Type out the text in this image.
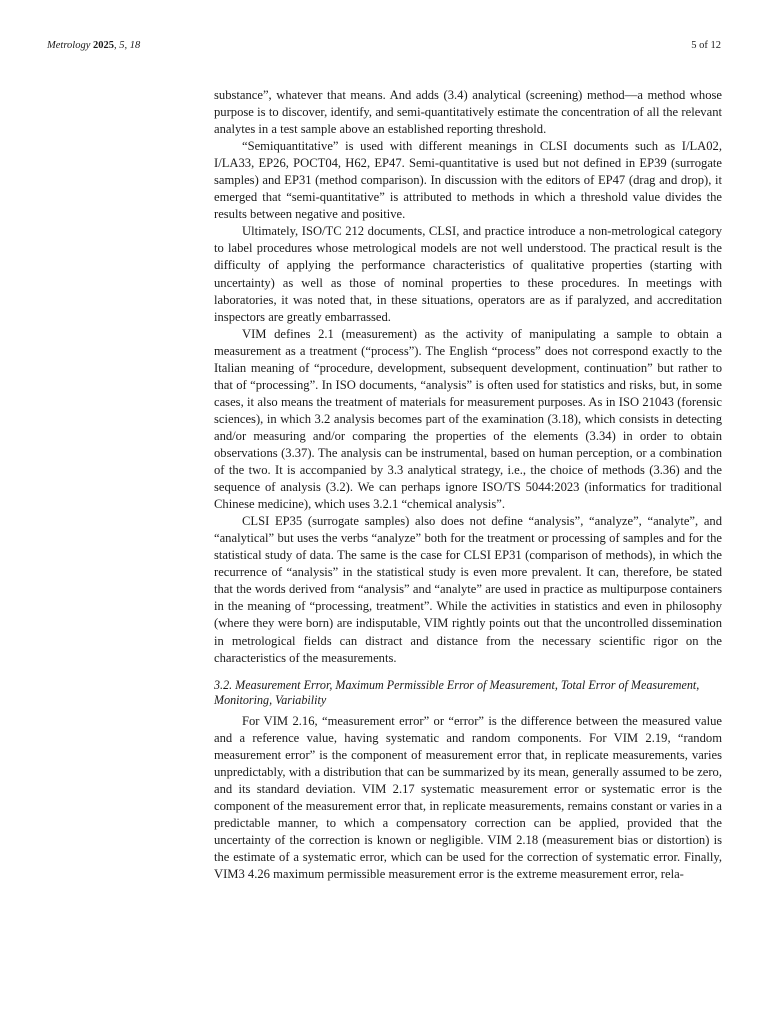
Metrology 2025, 5, 18	5 of 12

substance”, whatever that means. And adds (3.4) analytical (screening) method—a method whose purpose is to discover, identify, and semi-quantitatively estimate the concentration of all the relevant analytes in a test sample above an established reporting threshold.

“Semiquantitative” is used with different meanings in CLSI documents such as I/LA02, I/LA33, EP26, POCT04, H62, EP47. Semi-quantitative is used but not defined in EP39 (surrogate samples) and EP31 (method comparison). In discussion with the editors of EP47 (drag and drop), it emerged that “semi-quantitative” is attributed to methods in which a threshold value divides the results between negative and positive.

Ultimately, ISO/TC 212 documents, CLSI, and practice introduce a non-metrological category to label procedures whose metrological models are not well understood. The practical result is the difficulty of applying the performance characteristics of qualitative properties (starting with uncertainty) as well as those of nominal properties to these procedures. In meetings with laboratories, it was noted that, in these situations, operators are as if paralyzed, and accreditation inspectors are greatly embarrassed.

VIM defines 2.1 (measurement) as the activity of manipulating a sample to obtain a measurement as a treatment (“process”). The English “process” does not correspond exactly to the Italian meaning of “procedure, development, subsequent development, continuation” but rather to that of “processing”. In ISO documents, “analysis” is often used for statistics and risks, but, in some cases, it also means the treatment of materials for measurement purposes. As in ISO 21043 (forensic sciences), in which 3.2 analysis becomes part of the examination (3.18), which consists in detecting and/or measuring and/or comparing the properties of the elements (3.34) in order to obtain observations (3.37). The analysis can be instrumental, based on human perception, or a combination of the two. It is accompanied by 3.3 analytical strategy, i.e., the choice of methods (3.36) and the sequence of analysis (3.2). We can perhaps ignore ISO/TS 5044:2023 (informatics for traditional Chinese medicine), which uses 3.2.1 “chemical analysis”.

CLSI EP35 (surrogate samples) also does not define “analysis”, “analyze”, “analyte”, and “analytical” but uses the verbs “analyze” both for the treatment or processing of samples and for the statistical study of data. The same is the case for CLSI EP31 (comparison of methods), in which the recurrence of “analysis” in the statistical study is even more prevalent. It can, therefore, be stated that the words derived from “analysis” and “analyte” are used in practice as multipurpose containers in the meaning of “processing, treatment”. While the activities in statistics and even in philosophy (where they were born) are indisputable, VIM rightly points out that the uncontrolled dissemination in metrological fields can distract and distance from the necessary scientific rigor on the characteristics of the measurements.

3.2. Measurement Error, Maximum Permissible Error of Measurement, Total Error of Measurement, Monitoring, Variability

For VIM 2.16, “measurement error” or “error” is the difference between the measured value and a reference value, having systematic and random components. For VIM 2.19, “random measurement error” is the component of measurement error that, in replicate measurements, varies unpredictably, with a distribution that can be summarized by its mean, generally assumed to be zero, and its standard deviation. VIM 2.17 systematic measurement error or systematic error is the component of the measurement error that, in replicate measurements, remains constant or varies in a predictable manner, to which a compensatory correction can be applied, provided that the uncertainty of the correction is known or negligible. VIM 2.18 (measurement bias or distortion) is the estimate of a systematic error, which can be used for the correction of systematic error. Finally, VIM3 4.26 maximum permissible measurement error is the extreme measurement error, rela-
